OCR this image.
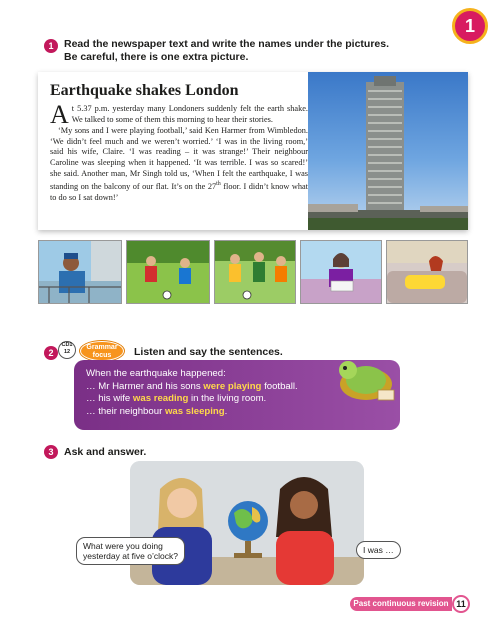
1
1	Read the newspaper text and write the names under the pictures.
Be careful, there is one extra picture.
Earthquake shakes London

At 5.37 p.m. yesterday many Londoners suddenly felt the earth shake. We talked to some of them this morning to hear their stories.

‘My sons and I were playing football,’ said Ken Harmer from Wimbledon. ‘We didn’t feel much and we weren’t worried.’ ‘I was in the living room,’ said his wife, Claire. ‘I was reading – it was strange!’ Their neighbour Caroline was sleeping when it happened. ‘It was terrible. I was so scared!’ she said. Another man, Mr Singh told us, ‘When I felt the earthquake, I was standing on the balcony of our flat. It’s on the 27th floor. I didn’t know what to do so I sat down!’

2
CD1
12
Grammar
focus	Listen and say the sentences.
When the earthquake happened:
… Mr Harmer and his sons were playing football.
… his wife was reading in the living room.
… their neighbour was sleeping.
3	Ask and answer.
What were you doing
yesterday at five o’clock?
I was …
Past continuous revision 11
